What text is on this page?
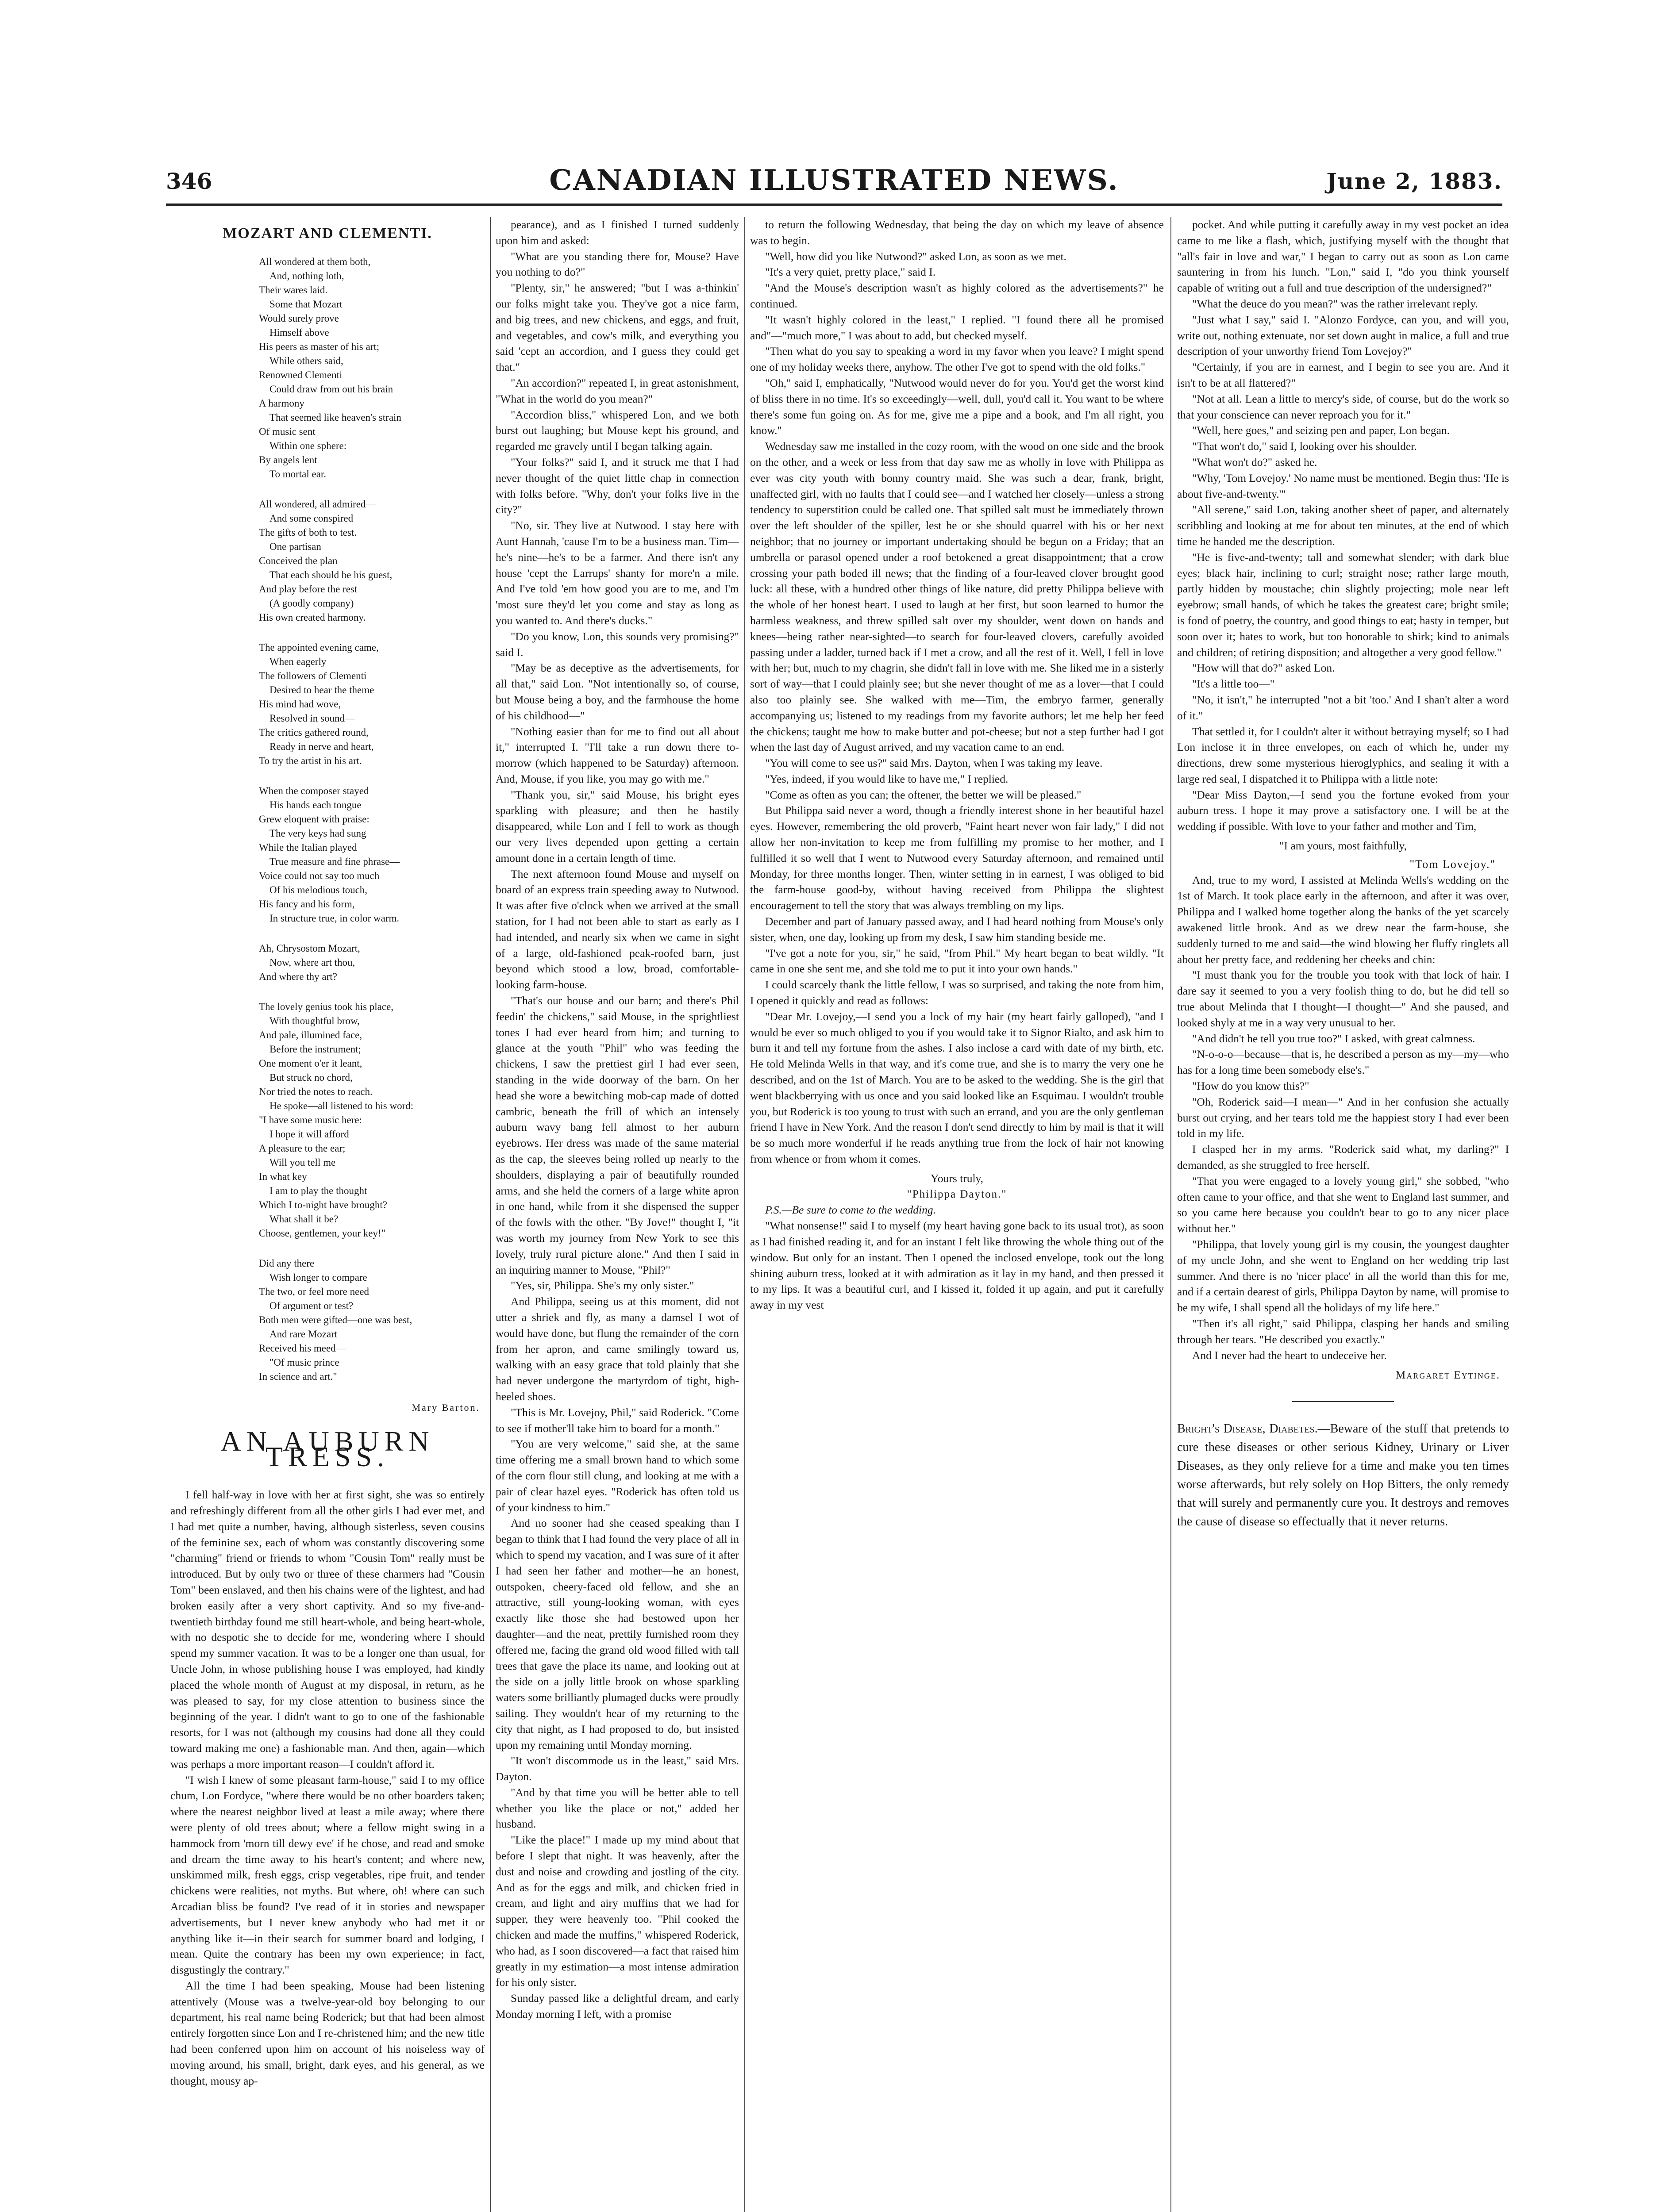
346	CANADIAN ILLUSTRATED NEWS.	June 2, 1883.
MOZART AND CLEMENTI.
All wondered at them both,
And, nothing loth,
Their wares laid.
Some that Mozart
Would surely prove
Himself above
His peers as master of his art;
While others said,
Renowned Clementi
Could draw from out his brain
A harmony
That seemed like heaven's strain
Of music sent
Within one sphere:
By angels lent
To mortal ear.
All wondered, all admired—
And some conspired
The gifts of both to test.
One partisan
Conceived the plan
That each should be his guest,
And play before the rest
(A goodly company)
His own created harmony.
The appointed evening came,
When eagerly
The followers of Clementi
Desired to hear the theme
His mind had wove,
Resolved in sound—
The critics gathered round,
Ready in nerve and heart,
To try the artist in his art.
When the composer stayed
His hands each tongue
Grew eloquent with praise:
The very keys had sung
While the Italian played
True measure and fine phrase—
Voice could not say too much
Of his melodious touch,
His fancy and his form,
In structure true, in color warm.
Ah, Chrysostom Mozart,
Now, where art thou,
And where thy art?
The lovely genius took his place,
With thoughtful brow,
And pale, illumined face,
Before the instrument;
One moment o'er it leant,
But struck no chord,
Nor tried the notes to reach.
He spoke—all listened to his word:
"I have some music here:
I hope it will afford
A pleasure to the ear;
Will you tell me
In what key
I am to play the thought
Which I to-night have brought?
What shall it be?
Choose, gentlemen, your key!"
Did any there
Wish longer to compare
The two, or feel more need
Of argument or test?
Both men were gifted—one was best,
And rare Mozart
Received his meed—
"Of music prince
In science and art."
Mary Barton.
AN AUBURN TRESS.

I fell half-way in love with her at first sight, she was so entirely and refreshingly different from all the other girls I had ever met, and I had met quite a number, having, although sisterless, seven cousins of the feminine sex, each of whom was constantly discovering some "charming" friend or friends to whom "Cousin Tom" really must be introduced. But by only two or three of these charmers had "Cousin Tom" been enslaved, and then his chains were of the lightest, and had broken easily after a very short captivity. And so my five-and-twentieth birthday found me still heart-whole, and being heart-whole, with no despotic she to decide for me, wondering where I should spend my summer vacation. It was to be a longer one than usual, for Uncle John, in whose publishing house I was employed, had kindly placed the whole month of August at my disposal, in return, as he was pleased to say, for my close attention to business since the beginning of the year. I didn't want to go to one of the fashionable resorts, for I was not (although my cousins had done all they could toward making me one) a fashionable man. And then, again—which was perhaps a more important reason—I couldn't afford it.

"I wish I knew of some pleasant farm-house," said I to my office chum, Lon Fordyce, "where there would be no other boarders taken; where the nearest neighbor lived at least a mile away; where there were plenty of old trees about; where a fellow might swing in a hammock from 'morn till dewy eve' if he chose, and read and smoke and dream the time away to his heart's content; and where new, unskimmed milk, fresh eggs, crisp vegetables, ripe fruit, and tender chickens were realities, not myths. But where, oh! where can such Arcadian bliss be found? I've read of it in stories and newspaper advertisements, but I never knew anybody who had met it or anything like it—in their search for summer board and lodging, I mean. Quite the contrary has been my own experience; in fact, disgustingly the contrary."

All the time I had been speaking, Mouse had been listening attentively (Mouse was a twelve-year-old boy belonging to our department, his real name being Roderick; but that had been almost entirely forgotten since Lon and I re-christened him; and the new title had been conferred upon him on account of his noiseless way of moving around, his small, bright, dark eyes, and his general, as we thought, mousy ap-

pearance), and as I finished I turned suddenly upon him and asked:

"What are you standing there for, Mouse? Have you nothing to do?"

"Plenty, sir," he answered; "but I was a-thinkin' our folks might take you. They've got a nice farm, and big trees, and new chickens, and eggs, and fruit, and vegetables, and cow's milk, and everything you said 'cept an accordion, and I guess they could get that."

"An accordion?" repeated I, in great astonishment, "What in the world do you mean?"

"Accordion bliss," whispered Lon, and we both burst out laughing; but Mouse kept his ground, and regarded me gravely until I began talking again.

"Your folks?" said I, and it struck me that I had never thought of the quiet little chap in connection with folks before. "Why, don't your folks live in the city?"

"No, sir. They live at Nutwood. I stay here with Aunt Hannah, 'cause I'm to be a business man. Tim—he's nine—he's to be a farmer. And there isn't any house 'cept the Larrups' shanty for more'n a mile. And I've told 'em how good you are to me, and I'm 'most sure they'd let you come and stay as long as you wanted to. And there's ducks."

"Do you know, Lon, this sounds very promising?" said I.

"May be as deceptive as the advertisements, for all that," said Lon. "Not intentionally so, of course, but Mouse being a boy, and the farmhouse the home of his childhood—"

"Nothing easier than for me to find out all about it," interrupted I. "I'll take a run down there to-morrow (which happened to be Saturday) afternoon. And, Mouse, if you like, you may go with me."

"Thank you, sir," said Mouse, his bright eyes sparkling with pleasure; and then he hastily disappeared, while Lon and I fell to work as though our very lives depended upon getting a certain amount done in a certain length of time.

The next afternoon found Mouse and myself on board of an express train speeding away to Nutwood. It was after five o'clock when we arrived at the small station, for I had not been able to start as early as I had intended, and nearly six when we came in sight of a large, old-fashioned peak-roofed barn, just beyond which stood a low, broad, comfortable-looking farm-house.

"That's our house and our barn; and there's Phil feedin' the chickens," said Mouse, in the sprightliest tones I had ever heard from him; and turning to glance at the youth "Phil" who was feeding the chickens, I saw the prettiest girl I had ever seen, standing in the wide doorway of the barn. On her head she wore a bewitching mob-cap made of dotted cambric, beneath the frill of which an intensely auburn wavy bang fell almost to her auburn eyebrows. Her dress was made of the same material as the cap, the sleeves being rolled up nearly to the shoulders, displaying a pair of beautifully rounded arms, and she held the corners of a large white apron in one hand, while from it she dispensed the supper of the fowls with the other. "By Jove!" thought I, "it was worth my journey from New York to see this lovely, truly rural picture alone." And then I said in an inquiring manner to Mouse, "Phil?"

"Yes, sir, Philippa. She's my only sister."

And Philippa, seeing us at this moment, did not utter a shriek and fly, as many a damsel I wot of would have done, but flung the remainder of the corn from her apron, and came smilingly toward us, walking with an easy grace that told plainly that she had never undergone the martyrdom of tight, high-heeled shoes.

"This is Mr. Lovejoy, Phil," said Roderick. "Come to see if mother'll take him to board for a month."

"You are very welcome," said she, at the same time offering me a small brown hand to which some of the corn flour still clung, and looking at me with a pair of clear hazel eyes. "Roderick has often told us of your kindness to him."

And no sooner had she ceased speaking than I began to think that I had found the very place of all in which to spend my vacation, and I was sure of it after I had seen her father and mother—he an honest, outspoken, cheery-faced old fellow, and she an attractive, still young-looking woman, with eyes exactly like those she had bestowed upon her daughter—and the neat, prettily furnished room they offered me, facing the grand old wood filled with tall trees that gave the place its name, and looking out at the side on a jolly little brook on whose sparkling waters some brilliantly plumaged ducks were proudly sailing. They wouldn't hear of my returning to the city that night, as I had proposed to do, but insisted upon my remaining until Monday morning.

"It won't discommode us in the least," said Mrs. Dayton.

"And by that time you will be better able to tell whether you like the place or not," added her husband.

"Like the place!" I made up my mind about that before I slept that night. It was heavenly, after the dust and noise and crowding and jostling of the city. And as for the eggs and milk, and chicken fried in cream, and light and airy muffins that we had for supper, they were heavenly too. "Phil cooked the chicken and made the muffins," whispered Roderick, who had, as I soon discovered—a fact that raised him greatly in my estimation—a most intense admiration for his only sister.

Sunday passed like a delightful dream, and early Monday morning I left, with a promise

to return the following Wednesday, that being the day on which my leave of absence was to begin.

"Well, how did you like Nutwood?" asked Lon, as soon as we met.

"It's a very quiet, pretty place," said I.

"And the Mouse's description wasn't as highly colored as the advertisements?" he continued.

"It wasn't highly colored in the least," I replied. "I found there all he promised and"—"much more," I was about to add, but checked myself.

"Then what do you say to speaking a word in my favor when you leave? I might spend one of my holiday weeks there, anyhow. The other I've got to spend with the old folks."

"Oh," said I, emphatically, "Nutwood would never do for you. You'd get the worst kind of bliss there in no time. It's so exceedingly—well, dull, you'd call it. You want to be where there's some fun going on. As for me, give me a pipe and a book, and I'm all right, you know."

Wednesday saw me installed in the cozy room, with the wood on one side and the brook on the other, and a week or less from that day saw me as wholly in love with Philippa as ever was city youth with bonny country maid. She was such a dear, frank, bright, unaffected girl, with no faults that I could see—and I watched her closely—unless a strong tendency to superstition could be called one. That spilled salt must be immediately thrown over the left shoulder of the spiller, lest he or she should quarrel with his or her next neighbor; that no journey or important undertaking should be begun on a Friday; that an umbrella or parasol opened under a roof betokened a great disappointment; that a crow crossing your path boded ill news; that the finding of a four-leaved clover brought good luck: all these, with a hundred other things of like nature, did pretty Philippa believe with the whole of her honest heart. I used to laugh at her first, but soon learned to humor the harmless weakness, and threw spilled salt over my shoulder, went down on hands and knees—being rather near-sighted—to search for four-leaved clovers, carefully avoided passing under a ladder, turned back if I met a crow, and all the rest of it. Well, I fell in love with her; but, much to my chagrin, she didn't fall in love with me. She liked me in a sisterly sort of way—that I could plainly see; but she never thought of me as a lover—that I could also too plainly see. She walked with me—Tim, the embryo farmer, generally accompanying us; listened to my readings from my favorite authors; let me help her feed the chickens; taught me how to make butter and pot-cheese; but not a step further had I got when the last day of August arrived, and my vacation came to an end.

"You will come to see us?" said Mrs. Dayton, when I was taking my leave.

"Yes, indeed, if you would like to have me," I replied.

"Come as often as you can; the oftener, the better we will be pleased."

But Philippa said never a word, though a friendly interest shone in her beautiful hazel eyes. However, remembering the old proverb, "Faint heart never won fair lady," I did not allow her non-invitation to keep me from fulfilling my promise to her mother, and I fulfilled it so well that I went to Nutwood every Saturday afternoon, and remained until Monday, for three months longer. Then, winter setting in in earnest, I was obliged to bid the farm-house good-by, without having received from Philippa the slightest encouragement to tell the story that was always trembling on my lips.

December and part of January passed away, and I had heard nothing from Mouse's only sister, when, one day, looking up from my desk, I saw him standing beside me.

"I've got a note for you, sir," he said, "from Phil." My heart began to beat wildly. "It came in one she sent me, and she told me to put it into your own hands."

I could scarcely thank the little fellow, I was so surprised, and taking the note from him, I opened it quickly and read as follows:

"Dear Mr. Lovejoy,—I send you a lock of my hair (my heart fairly galloped), "and I would be ever so much obliged to you if you would take it to Signor Rialto, and ask him to burn it and tell my fortune from the ashes. I also inclose a card with date of my birth, etc. He told Melinda Wells in that way, and it's come true, and she is to marry the very one he described, and on the 1st of March. You are to be asked to the wedding. She is the girl that went blackberrying with us once and you said looked like an Esquimau. I wouldn't trouble you, but Roderick is too young to trust with such an errand, and you are the only gentleman friend I have in New York. And the reason I don't send directly to him by mail is that it will be so much more wonderful if he reads anything true from the lock of hair not knowing from whence or from whom it comes.

Yours truly,
"Philippa Dayton."

P.S.—Be sure to come to the wedding.

"What nonsense!" said I to myself (my heart having gone back to its usual trot), as soon as I had finished reading it, and for an instant I felt like throwing the whole thing out of the window. But only for an instant. Then I opened the inclosed envelope, took out the long shining auburn tress, looked at it with admiration as it lay in my hand, and then pressed it to my lips. It was a beautiful curl, and I kissed it, folded it up again, and put it carefully away in my vest

pocket. And while putting it carefully away in my vest pocket an idea came to me like a flash, which, justifying myself with the thought that "all's fair in love and war," I began to carry out as soon as Lon came sauntering in from his lunch. "Lon," said I, "do you think yourself capable of writing out a full and true description of the undersigned?"

"What the deuce do you mean?" was the rather irrelevant reply.

"Just what I say," said I. "Alonzo Fordyce, can you, and will you, write out, nothing extenuate, nor set down aught in malice, a full and true description of your unworthy friend Tom Lovejoy?"

"Certainly, if you are in earnest, and I begin to see you are. And it isn't to be at all flattered?"

"Not at all. Lean a little to mercy's side, of course, but do the work so that your conscience can never reproach you for it."

"Well, here goes," and seizing pen and paper, Lon began.

"That won't do," said I, looking over his shoulder.

"What won't do?" asked he.

"Why, 'Tom Lovejoy.' No name must be mentioned. Begin thus: 'He is about five-and-twenty.'"

"All serene," said Lon, taking another sheet of paper, and alternately scribbling and looking at me for about ten minutes, at the end of which time he handed me the description.

"He is five-and-twenty; tall and somewhat slender; with dark blue eyes; black hair, inclining to curl; straight nose; rather large mouth, partly hidden by moustache; chin slightly projecting; mole near left eyebrow; small hands, of which he takes the greatest care; bright smile; is fond of poetry, the country, and good things to eat; hasty in temper, but soon over it; hates to work, but too honorable to shirk; kind to animals and children; of retiring disposition; and altogether a very good fellow."

"How will that do?" asked Lon.

"It's a little too—"

"No, it isn't," he interrupted "not a bit 'too.' And I shan't alter a word of it."

That settled it, for I couldn't alter it without betraying myself; so I had Lon inclose it in three envelopes, on each of which he, under my directions, drew some mysterious hieroglyphics, and sealing it with a large red seal, I dispatched it to Philippa with a little note:

"Dear Miss Dayton,—I send you the fortune evoked from your auburn tress. I hope it may prove a satisfactory one. I will be at the wedding if possible. With love to your father and mother and Tim,

"I am yours, most faithfully,
"Tom Lovejoy."

And, true to my word, I assisted at Melinda Wells's wedding on the 1st of March. It took place early in the afternoon, and after it was over, Philippa and I walked home together along the banks of the yet scarcely awakened little brook. And as we drew near the farm-house, she suddenly turned to me and said—the wind blowing her fluffy ringlets all about her pretty face, and reddening her cheeks and chin:

"I must thank you for the trouble you took with that lock of hair. I dare say it seemed to you a very foolish thing to do, but he did tell so true about Melinda that I thought—I thought—" And she paused, and looked shyly at me in a way very unusual to her.

"And didn't he tell you true too?" I asked, with great calmness.

"N-o-o-o—because—that is, he described a person as my—my—who has for a long time been somebody else's."

"How do you know this?"

"Oh, Roderick said—I mean—" And in her confusion she actually burst out crying, and her tears told me the happiest story I had ever been told in my life.

I clasped her in my arms. "Roderick said what, my darling?" I demanded, as she struggled to free herself.

"That you were engaged to a lovely young girl," she sobbed, "who often came to your office, and that she went to England last summer, and so you came here because you couldn't bear to go to any nicer place without her."

"Philippa, that lovely young girl is my cousin, the youngest daughter of my uncle John, and she went to England on her wedding trip last summer. And there is no 'nicer place' in all the world than this for me, and if a certain dearest of girls, Philippa Dayton by name, will promise to be my wife, I shall spend all the holidays of my life here."

"Then it's all right," said Philippa, clasping her hands and smiling through her tears. "He described you exactly."

And I never had the heart to undeceive her.

Margaret Eytinge.
Bright's Disease, Diabetes.—Beware of the stuff that pretends to cure these diseases or other serious Kidney, Urinary or Liver Diseases, as they only relieve for a time and make you ten times worse afterwards, but rely solely on Hop Bitters, the only remedy that will surely and permanently cure you. It destroys and removes the cause of disease so effectually that it never returns.
